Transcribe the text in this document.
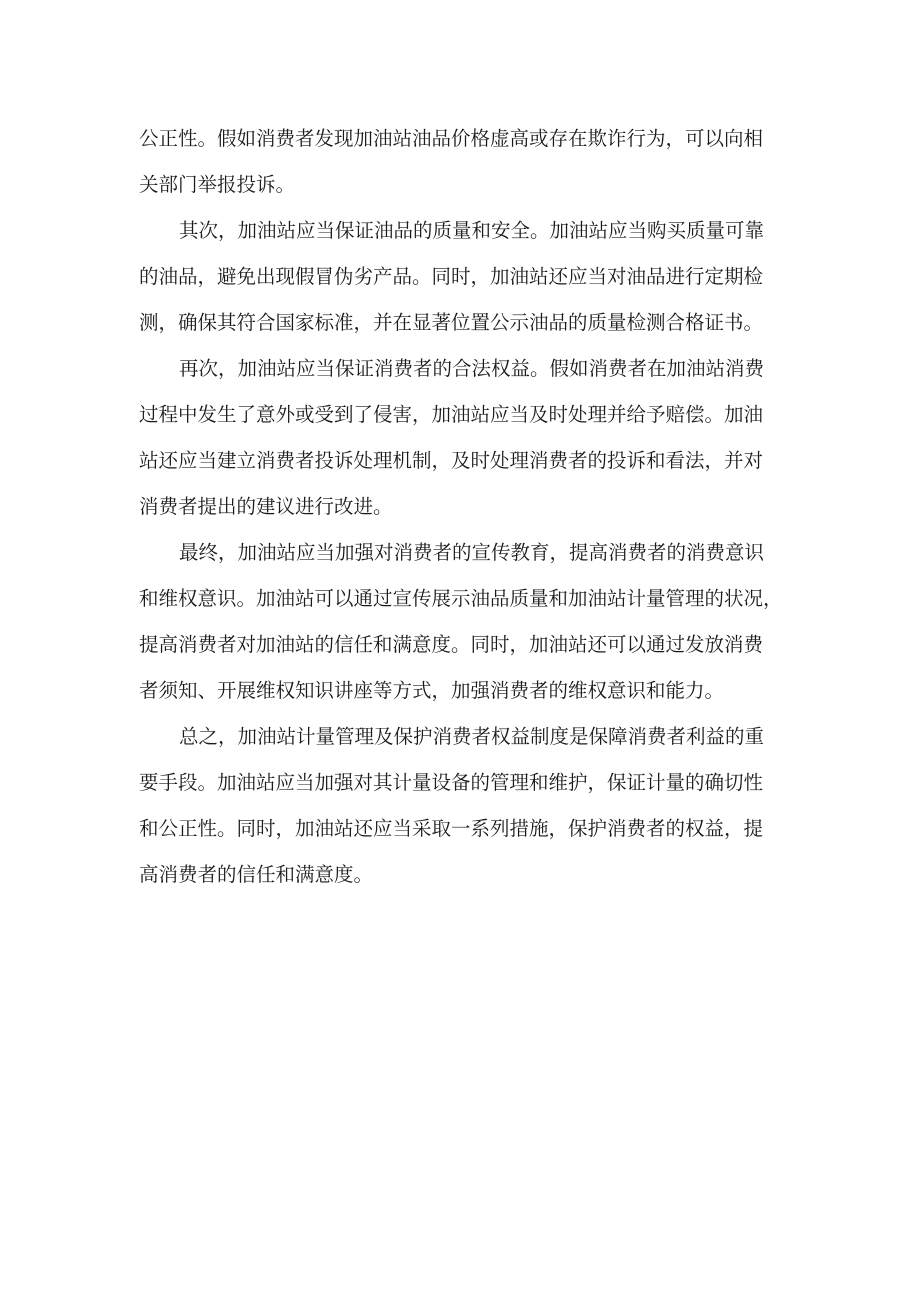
公正性。假如消费者发现加油站油品价格虚高或存在欺诈行为，可以向相
关部门举报投诉。
其次，加油站应当保证油品的质量和安全。加油站应当购买质量可靠
的油品，避免出现假冒伪劣产品。同时，加油站还应当对油品进行定期检
测，确保其符合国家标准，并在显著位置公示油品的质量检测合格证书。
再次，加油站应当保证消费者的合法权益。假如消费者在加油站消费
过程中发生了意外或受到了侵害，加油站应当及时处理并给予赔偿。加油
站还应当建立消费者投诉处理机制，及时处理消费者的投诉和看法，并对
消费者提出的建议进行改进。
最终，加油站应当加强对消费者的宣传教育，提高消费者的消费意识
和维权意识。加油站可以通过宣传展示油品质量和加油站计量管理的状况，
提高消费者对加油站的信任和满意度。同时，加油站还可以通过发放消费
者须知、开展维权知识讲座等方式，加强消费者的维权意识和能力。
总之，加油站计量管理及保护消费者权益制度是保障消费者利益的重
要手段。加油站应当加强对其计量设备的管理和维护，保证计量的确切性
和公正性。同时，加油站还应当采取一系列措施，保护消费者的权益，提
高消费者的信任和满意度。
